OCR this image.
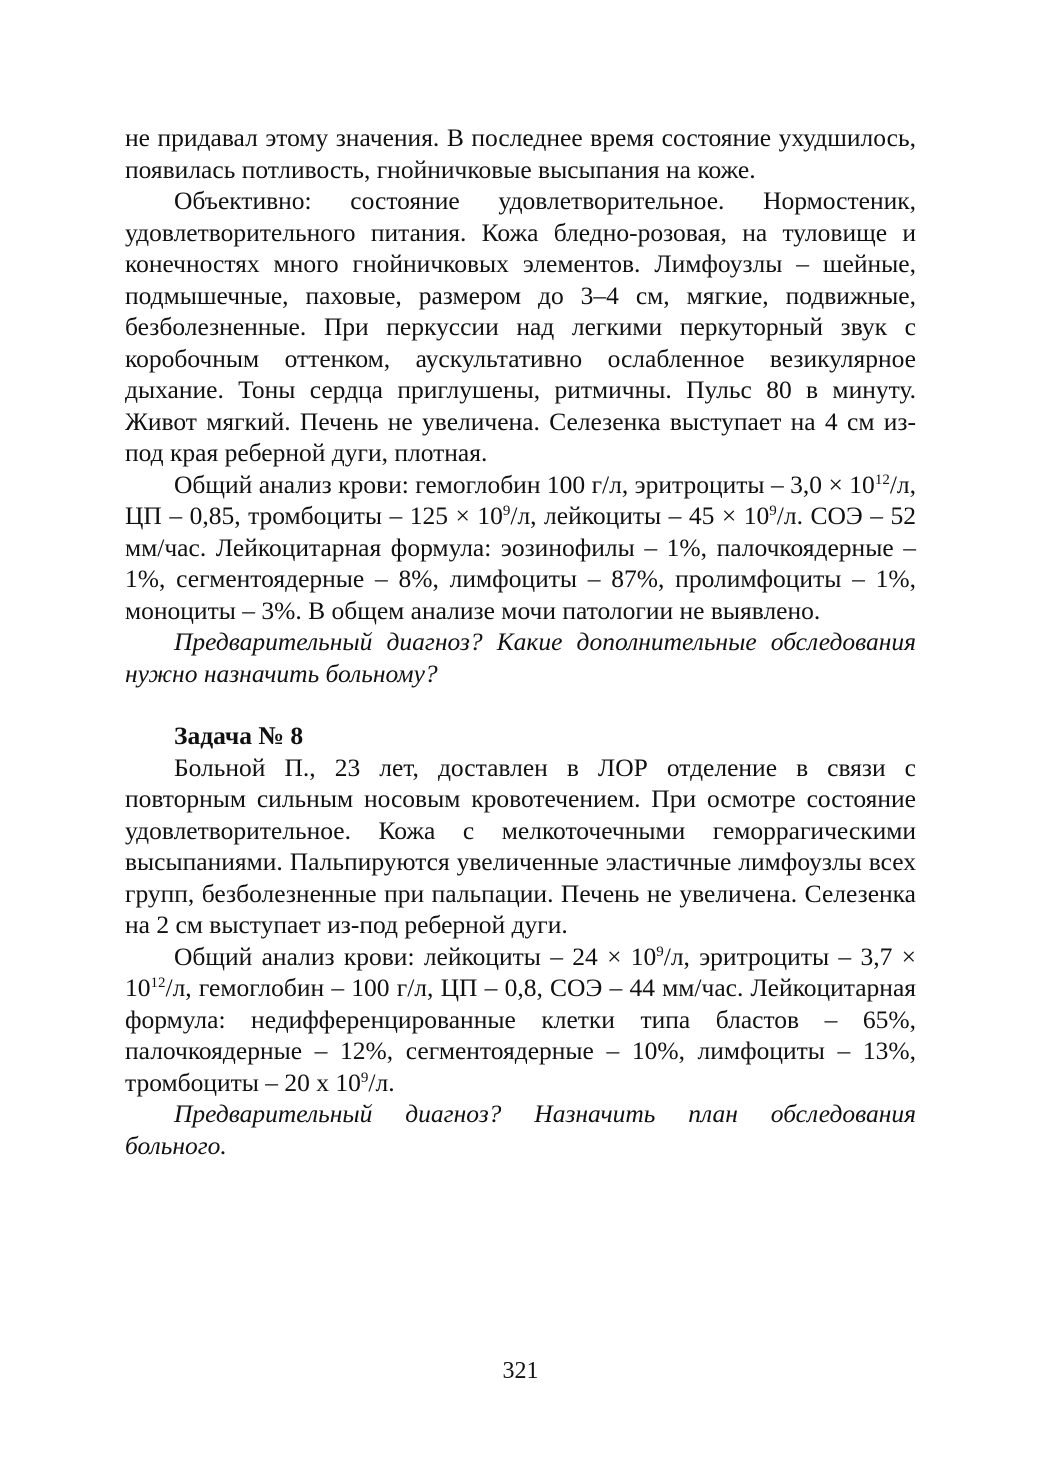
не придавал этому значения. В последнее время состояние ухудшилось, появилась потливость, гнойничковые высыпания на коже.

Объективно: состояние удовлетворительное. Нормостеник, удовлетворительного питания. Кожа бледно-розовая, на туловище и конечностях много гнойничковых элементов. Лимфоузлы – шейные, подмышечные, паховые, размером до 3–4 см, мягкие, подвижные, безболезненные. При перкуссии над легкими перкуторный звук с коробочным оттенком, аускультативно ослабленное везикулярное дыхание. Тоны сердца приглушены, ритмичны. Пульс 80 в минуту. Живот мягкий. Печень не увеличена. Селезенка выступает на 4 см из-под края реберной дуги, плотная.

Общий анализ крови: гемоглобин 100 г/л, эритроциты – $3,0 \times 10^{12}/л$, ЦП – 0,85, тромбоциты – $125 \times 10^9/л$, лейкоциты – $45 \times 10^9/л$. СОЭ – 52 мм/час. Лейкоцитарная формула: эозинофилы – 1%, палочкоядерные – 1%, сегментоядерные – 8%, лимфоциты – 87%, пролимфоциты – 1%, моноциты – 3%. В общем анализе мочи патологии не выявлено.

Предварительный диагноз? Какие дополнительные обследования нужно назначить больному?

Задача № 8

Больной П., 23 лет, доставлен в ЛОР отделение в связи с повторным сильным носовым кровотечением. При осмотре состояние удовлетворительное. Кожа с мелкоточечными геморрагическими высыпаниями. Пальпируются увеличенные эластичные лимфоузлы всех групп, безболезненные при пальпации. Печень не увеличена. Селезенка на 2 см выступает из-под реберной дуги.

Общий анализ крови: лейкоциты – $24 \times 10^9/л$, эритроциты – $3,7 \times 10^{12}/л$, гемоглобин – 100 г/л, ЦП – 0,8, СОЭ – 44 мм/час. Лейкоцитарная формула: недифференцированные клетки типа бластов – 65%, палочкоядерные – 12%, сегментоядерные – 10%, лимфоциты – 13%, тромбоциты – 20 х $10^9/л$.

Предварительный диагноз? Назначить план обследования больного.

321
